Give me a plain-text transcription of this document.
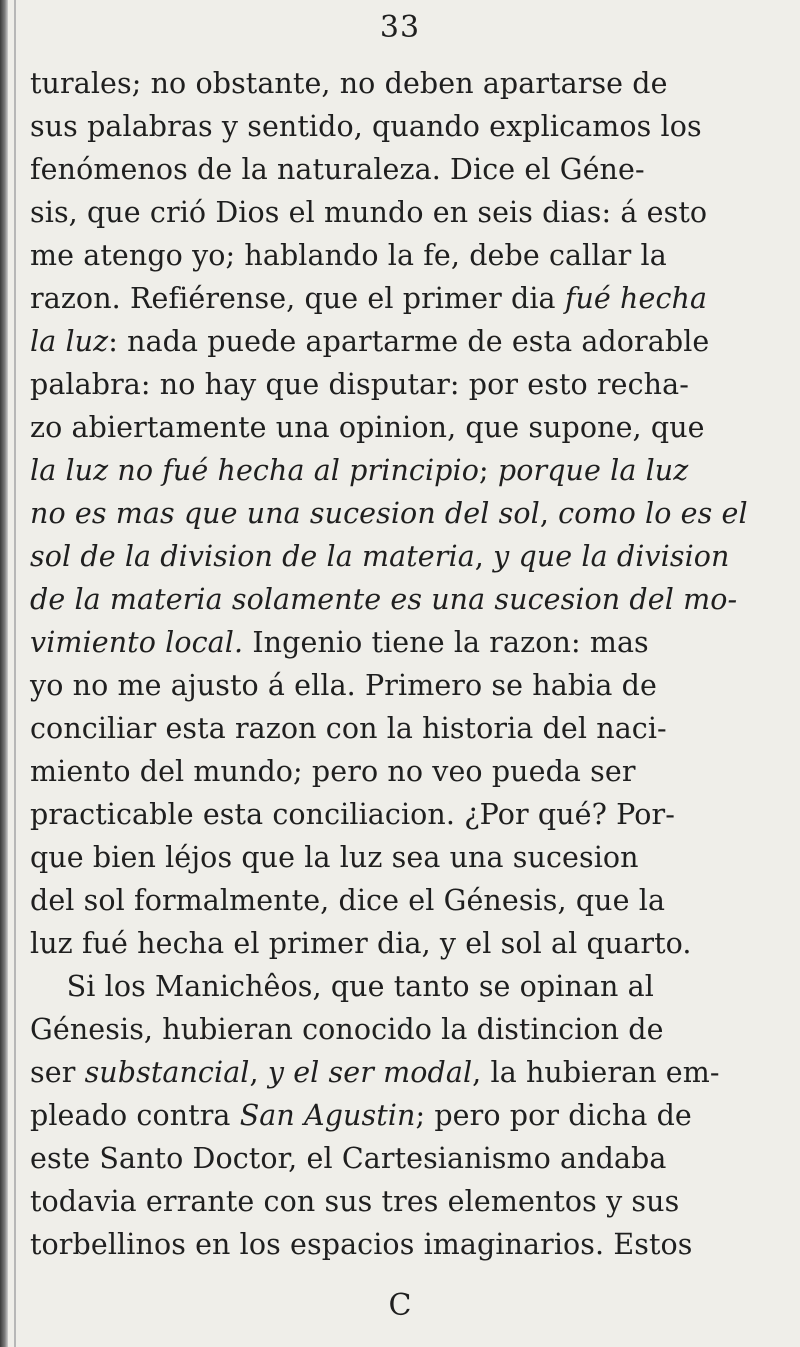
33
turales; no obstante, no deben apartarse de
sus palabras y sentido, quando explicamos los
fenómenos de la naturaleza. Dice el Géne-
sis, que crió Dios el mundo en seis dias: á esto
me atengo yo; hablando la fe, debe callar la
razon. Refiérense, que el primer dia fué hecha
la luz: nada puede apartarme de esta adorable
palabra: no hay que disputar: por esto recha-
zo abiertamente una opinion, que supone, que
la luz no fué hecha al principio; porque la luz
no es mas que una sucesion del sol, como lo es el
sol de la division de la materia, y que la division
de la materia solamente es una sucesion del mo-
vimiento local. Ingenio tiene la razon: mas
yo no me ajusto á ella. Primero se habia de
conciliar esta razon con la historia del naci-
miento del mundo; pero no veo pueda ser
practicable esta conciliacion. ¿Por qué? Por-
que bien léjos que la luz sea una sucesion
del sol formalmente, dice el Génesis, que la
luz fué hecha el primer dia, y el sol al quarto.
Si los Manichêos, que tanto se opinan al
Génesis, hubieran conocido la distincion de
ser substancial, y el ser modal, la hubieran em-
pleado contra San Agustin; pero por dicha de
este Santo Doctor, el Cartesianismo andaba
todavia errante con sus tres elementos y sus
torbellinos en los espacios imaginarios. Estos
C
